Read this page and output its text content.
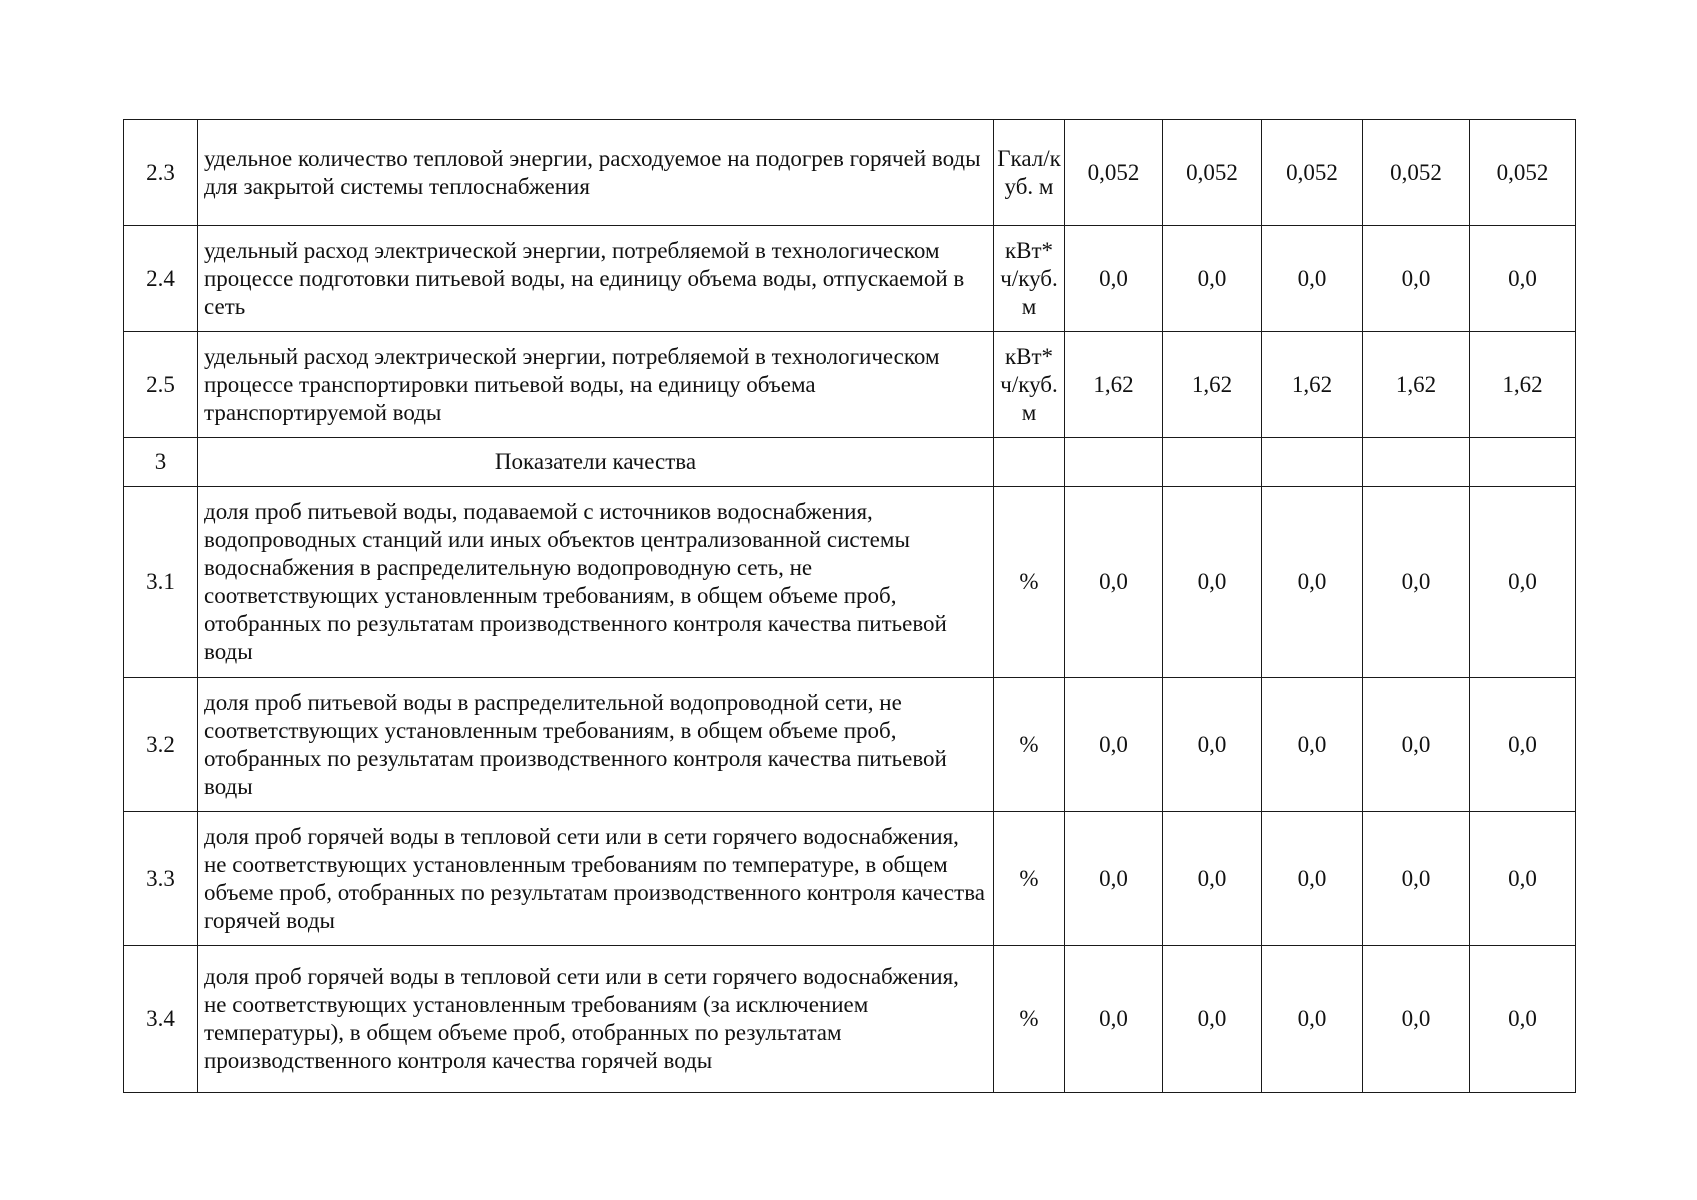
2.3	удельное количество тепловой энергии, расходуемое на подогрев горячей воды для закрытой системы теплоснабжения	Гкал/куб. м	0,052	0,052	0,052	0,052	0,052
2.4	удельный расход электрической энергии, потребляемой в технологическом процессе подготовки питьевой воды, на единицу объема воды, отпускаемой в сеть	кВт*ч/куб. м	0,0	0,0	0,0	0,0	0,0
2.5	удельный расход электрической энергии, потребляемой в технологическом процессе транспортировки питьевой воды, на единицу объема транспортируемой воды	кВт*ч/куб. м	1,62	1,62	1,62	1,62	1,62
3	Показатели качества						
3.1	доля проб питьевой воды, подаваемой с источников водоснабжения, водопроводных станций или иных объектов централизованной системы водоснабжения в распределительную водопроводную сеть, не соответствующих установленным требованиям, в общем объеме проб, отобранных по результатам производственного контроля качества питьевой воды	%	0,0	0,0	0,0	0,0	0,0
3.2	доля проб питьевой воды в распределительной водопроводной сети, не соответствующих установленным требованиям, в общем объеме проб, отобранных по результатам производственного контроля качества питьевой воды	%	0,0	0,0	0,0	0,0	0,0
3.3	доля проб горячей воды в тепловой сети или в сети горячего водоснабжения, не соответствующих установленным требованиям по температуре, в общем объеме проб, отобранных по результатам производственного контроля качества горячей воды	%	0,0	0,0	0,0	0,0	0,0
3.4	доля проб горячей воды в тепловой сети или в сети горячего водоснабжения, не соответствующих установленным требованиям (за исключением температуры), в общем объеме проб, отобранных по результатам производственного контроля качества горячей воды	%	0,0	0,0	0,0	0,0	0,0
